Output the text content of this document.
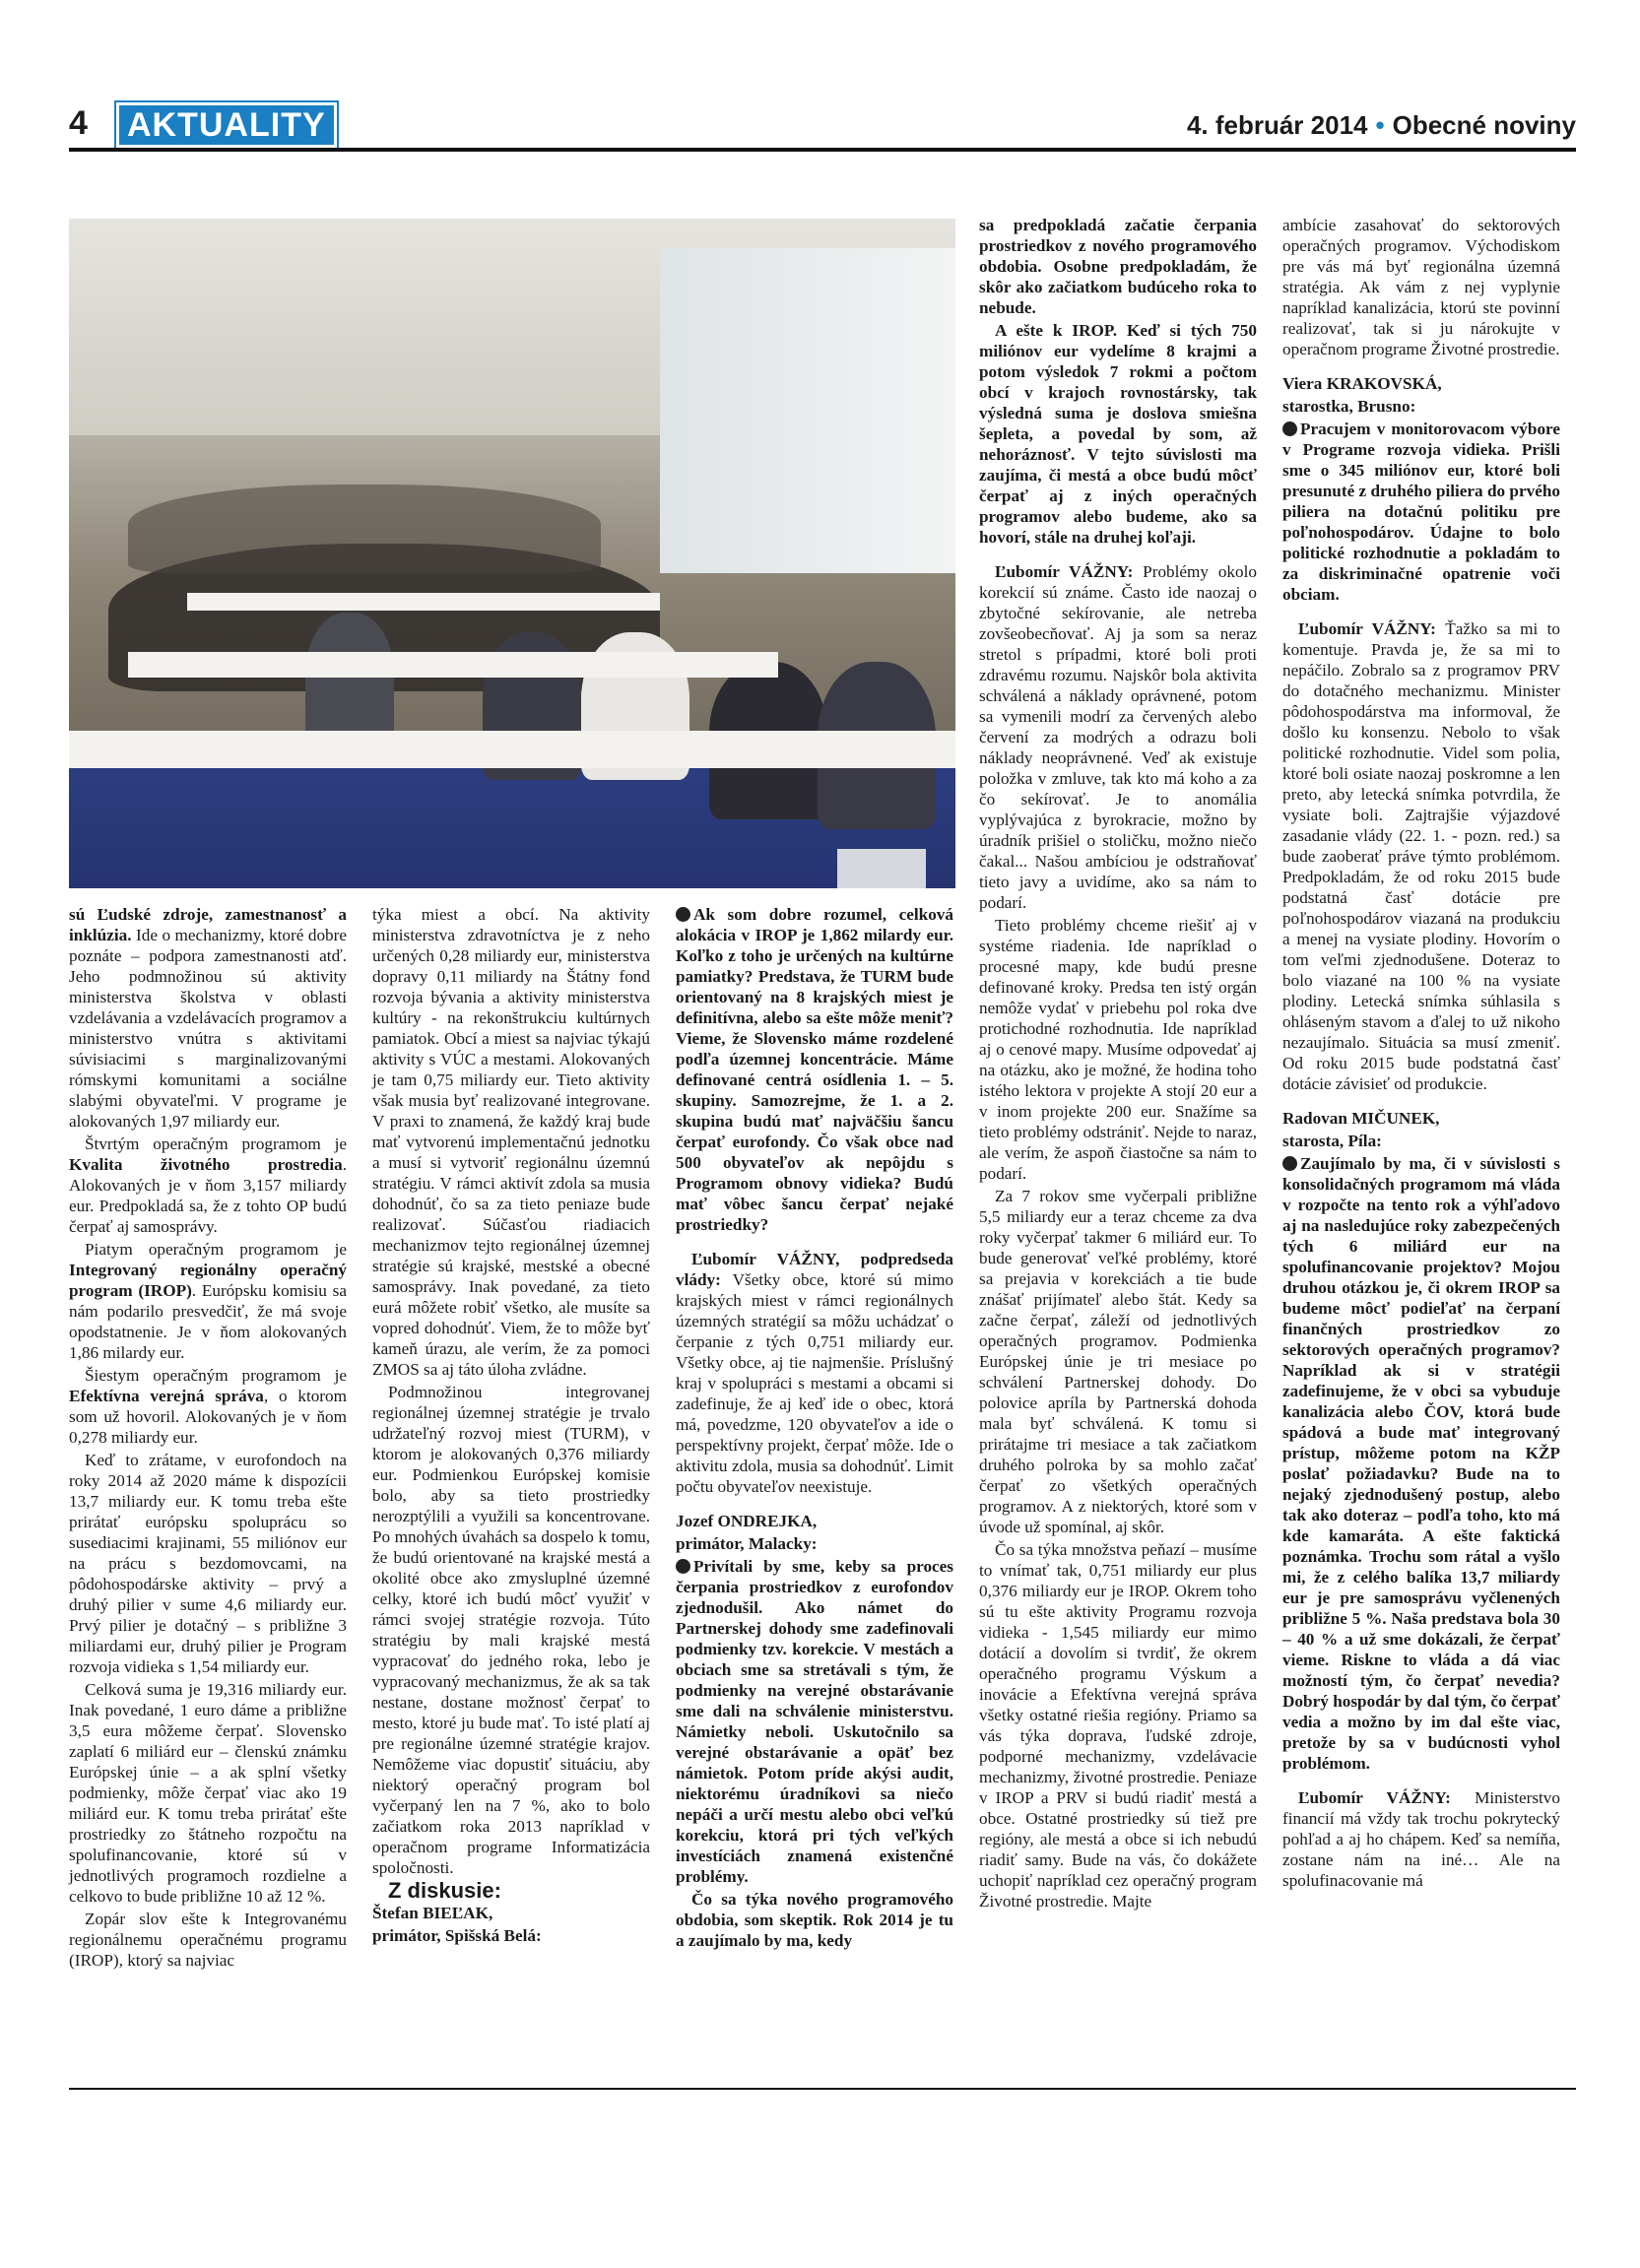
4	AKTUALITY	4. február 2014 • Obecné noviny

sú Ľudské zdroje, zamestnanosť a inklúzia. Ide o mechanizmy, ktoré dobre poznáte – podpora zamestnanosti atď. Jeho podmnožinou sú aktivity ministerstva školstva v oblasti vzdelávania a vzdelávacích programov a ministerstvo vnútra s aktivitami súvisiacimi s marginalizovanými rómskymi komunitami a sociálne slabými obyvateľmi. V programe je alokovaných 1,97 miliardy eur.

Štvrtým operačným programom je Kvalita životného prostredia. Alokovaných je v ňom 3,157 miliardy eur. Predpokladá sa, že z tohto OP budú čerpať aj samosprávy.

Piatym operačným programom je Integrovaný regionálny operačný program (IROP). Európsku komisiu sa nám podarilo presvedčiť, že má svoje opodstatnenie. Je v ňom alokovaných 1,86 milardy eur.

Šiestym operačným programom je Efektívna verejná správa, o ktorom som už hovoril. Alokovaných je v ňom 0,278 miliardy eur.

Keď to zrátame, v eurofondoch na roky 2014 až 2020 máme k dispozícii 13,7 miliardy eur. K tomu treba ešte prirátať európsku spoluprácu so susediacimi krajinami, 55 miliónov eur na prácu s bezdomovcami, na pôdohospodárske aktivity – prvý a druhý pilier v sume 4,6 miliardy eur. Prvý pilier je dotačný – s približne 3 miliardami eur, druhý pilier je Program rozvoja vidieka s 1,54 miliardy eur.

Celková suma je 19,316 miliardy eur. Inak povedané, 1 euro dáme a približne 3,5 eura môžeme čerpať. Slovensko zaplatí 6 miliárd eur – členskú známku Európskej únie – a ak splní všetky podmienky, môže čerpať viac ako 19 miliárd eur. K tomu treba prirátať ešte prostriedky zo štátneho rozpočtu na spolufinancovanie, ktoré sú v jednotlivých programoch rozdielne a celkovo to bude približne 10 až 12 %.

Zopár slov ešte k Integrovanému regionálnemu operačnému programu (IROP), ktorý sa najviac

týka miest a obcí. Na aktivity ministerstva zdravotníctva je z neho určených 0,28 miliardy eur, ministerstva dopravy 0,11 miliardy na Štátny fond rozvoja bývania a aktivity ministerstva kultúry - na rekonštrukciu kultúrnych pamiatok. Obcí a miest sa najviac týkajú aktivity s VÚC a mestami. Alokovaných je tam 0,75 miliardy eur. Tieto aktivity však musia byť realizované integrovane. V praxi to znamená, že každý kraj bude mať vytvorenú implementačnú jednotku a musí si vytvoriť regionálnu územnú stratégiu. V rámci aktivít zdola sa musia dohodnúť, čo sa za tieto peniaze bude realizovať. Súčasťou riadiacich mechanizmov tejto regionálnej územnej stratégie sú krajské, mestské a obecné samosprávy. Inak povedané, za tieto eurá môžete robiť všetko, ale musíte sa vopred dohodnúť. Viem, že to môže byť kameň úrazu, ale verím, že za pomoci ZMOS sa aj táto úloha zvládne.

Podmnožinou integrovanej regionálnej územnej stratégie je trvalo udržateľný rozvoj miest (TURM), v ktorom je alokovaných 0,376 miliardy eur. Podmienkou Európskej komisie bolo, aby sa tieto prostriedky nerozptýlili a využili sa koncentrovane. Po mnohých úvahách sa dospelo k tomu, že budú orientované na krajské mestá a okolité obce ako zmysluplné územné celky, ktoré ich budú môcť využiť v rámci svojej stratégie rozvoja. Túto stratégiu by mali krajské mestá vypracovať do jedného roka, lebo je vypracovaný mechanizmus, že ak sa tak nestane, dostane možnosť čerpať to mesto, ktoré ju bude mať. To isté platí aj pre regionálne územné stratégie krajov. Nemôžeme viac dopustiť situáciu, aby niektorý operačný program bol vyčerpaný len na 7 %, ako to bolo začiatkom roka 2013 napríklad v operačnom programe Informatizácia spoločnosti.

Z diskusie:

Štefan BIEĽAK,

primátor, Spišská Belá:

Ak som dobre rozumel, celková alokácia v IROP je 1,862 milardy eur. Koľko z toho je určených na kultúrne pamiatky? Predstava, že TURM bude orientovaný na 8 krajských miest je definitívna, alebo sa ešte môže meniť? Vieme, že Slovensko máme rozdelené podľa územnej koncentrácie. Máme definované centrá osídlenia 1. – 5. skupiny. Samozrejme, že 1. a 2. skupina budú mať najväčšiu šancu čerpať eurofondy. Čo však obce nad 500 obyvateľov ak nepôjdu s Programom obnovy vidieka? Budú mať vôbec šancu čerpať nejaké prostriedky?

Ľubomír VÁŽNY, podpredseda vlády: Všetky obce, ktoré sú mimo krajských miest v rámci regionálnych územných stratégií sa môžu uchádzať o čerpanie z tých 0,751 miliardy eur. Všetky obce, aj tie najmenšie. Príslušný kraj v spolupráci s mestami a obcami si zadefinuje, že aj keď ide o obec, ktorá má, povedzme, 120 obyvateľov a ide o perspektívny projekt, čerpať môže. Ide o aktivitu zdola, musia sa dohodnúť. Limit počtu obyvateľov neexistuje.

Jozef ONDREJKA,

primátor, Malacky:

Privítali by sme, keby sa proces čerpania prostriedkov z eurofondov zjednodušil. Ako námet do Partnerskej dohody sme zadefinovali podmienky tzv. korekcie. V mestách a obciach sme sa stretávali s tým, že podmienky na verejné obstarávanie sme dali na schválenie ministerstvu. Námietky neboli. Uskutočnilo sa verejné obstarávanie a opäť bez námietok. Potom príde akýsi audit, niektorému úradníkovi sa niečo nepáči a určí mestu alebo obci veľkú korekciu, ktorá pri tých veľkých investíciách znamená existenčné problémy.

Čo sa týka nového programového obdobia, som skeptik. Rok 2014 je tu a zaujímalo by ma, kedy

sa predpokladá začatie čerpania prostriedkov z nového programového obdobia. Osobne predpokladám, že skôr ako začiatkom budúceho roka to nebude.

A ešte k IROP. Keď si tých 750 miliónov eur vydelíme 8 krajmi a potom výsledok 7 rokmi a počtom obcí v krajoch rovnostársky, tak výsledná suma je doslova smiešna šepleta, a povedal by som, až nehoráznosť. V tejto súvislosti ma zaujíma, či mestá a obce budú môcť čerpať aj z iných operačných programov alebo budeme, ako sa hovorí, stále na druhej koľaji.

Ľubomír VÁŽNY: Problémy okolo korekcií sú známe. Často ide naozaj o zbytočné sekírovanie, ale netreba zovšeobecňovať. Aj ja som sa neraz stretol s prípadmi, ktoré boli proti zdravému rozumu. Najskôr bola aktivita schválená a náklady oprávnené, potom sa vymenili modrí za červených alebo červení za modrých a odrazu boli náklady neoprávnené. Veď ak existuje položka v zmluve, tak kto má koho a za čo sekírovať. Je to anomália vyplývajúca z byrokracie, možno by úradník prišiel o stoličku, možno niečo čakal... Našou ambíciou je odstraňovať tieto javy a uvidíme, ako sa nám to podarí.

Tieto problémy chceme riešiť aj v systéme riadenia. Ide napríklad o procesné mapy, kde budú presne definované kroky. Predsa ten istý orgán nemôže vydať v priebehu pol roka dve protichodné rozhodnutia. Ide napríklad aj o cenové mapy. Musíme odpovedať aj na otázku, ako je možné, že hodina toho istého lektora v projekte A stojí 20 eur a v inom projekte 200 eur. Snažíme sa tieto problémy odstrániť. Nejde to naraz, ale verím, že aspoň čiastočne sa nám to podarí.

Za 7 rokov sme vyčerpali približne 5,5 miliardy eur a teraz chceme za dva roky vyčerpať takmer 6 miliárd eur. To bude generovať veľké problémy, ktoré sa prejavia v korekciách a tie bude znášať prijímateľ alebo štát. Kedy sa začne čerpať, záleží od jednotlivých operačných programov. Podmienka Európskej únie je tri mesiace po schválení Partnerskej dohody. Do polovice apríla by Partnerská dohoda mala byť schválená. K tomu si prirátajme tri mesiace a tak začiatkom druhého polroka by sa mohlo začať čerpať zo všetkých operačných programov. A z niektorých, ktoré som v úvode už spomínal, aj skôr.

Čo sa týka množstva peňazí – musíme to vnímať tak, 0,751 miliardy eur plus 0,376 miliardy eur je IROP. Okrem toho sú tu ešte aktivity Programu rozvoja vidieka - 1,545 miliardy eur mimo dotácií a dovolím si tvrdiť, že okrem operačného programu Výskum a inovácie a Efektívna verejná správa všetky ostatné riešia regióny. Priamo sa vás týka doprava, ľudské zdroje, podporné mechanizmy, vzdelávacie mechanizmy, životné prostredie. Peniaze v IROP a PRV si budú riadiť mestá a obce. Ostatné prostriedky sú tiež pre regióny, ale mestá a obce si ich nebudú riadiť samy. Bude na vás, čo dokážete uchopiť napríklad cez operačný program Životné prostredie. Majte

ambície zasahovať do sektorových operačných programov. Východiskom pre vás má byť regionálna územná stratégia. Ak vám z nej vyplynie napríklad kanalizácia, ktorú ste povinní realizovať, tak si ju nárokujte v operačnom programe Životné prostredie.

Viera KRAKOVSKÁ,

starostka, Brusno:

Pracujem v monitorovacom výbore v Programe rozvoja vidieka. Prišli sme o 345 miliónov eur, ktoré boli presunuté z druhého piliera do prvého piliera na dotačnú politiku pre poľnohospodárov. Údajne to bolo politické rozhodnutie a pokladám to za diskriminačné opatrenie voči obciam.

Ľubomír VÁŽNY: Ťažko sa mi to komentuje. Pravda je, že sa mi to nepáčilo. Zobralo sa z programov PRV do dotačného mechanizmu. Minister pôdohospodárstva ma informoval, že došlo ku konsenzu. Nebolo to však politické rozhodnutie. Videl som polia, ktoré boli osiate naozaj poskromne a len preto, aby letecká snímka potvrdila, že vysiate boli. Zajtrajšie výjazdové zasadanie vlády (22. 1. - pozn. red.) sa bude zaoberať práve týmto problémom. Predpokladám, že od roku 2015 bude podstatná časť dotácie pre poľnohospodárov viazaná na produkciu a menej na vysiate plodiny. Hovorím o tom veľmi zjednodušene. Doteraz to bolo viazané na 100 % na vysiate plodiny. Letecká snímka súhlasila s ohláseným stavom a ďalej to už nikoho nezaujímalo. Situácia sa musí zmeniť. Od roku 2015 bude podstatná časť dotácie závisieť od produkcie.

Radovan MIČUNEK,

starosta, Píla:

Zaujímalo by ma, či v súvislosti s konsolidačných programom má vláda v rozpočte na tento rok a výhľadovo aj na nasledujúce roky zabezpečených tých 6 miliárd eur na spolufinancovanie projektov? Mojou druhou otázkou je, či okrem IROP sa budeme môcť podieľať na čerpaní finančných prostriedkov zo sektorových operačných programov? Napríklad ak si v stratégii zadefinujeme, že v obci sa vybuduje kanalizácia alebo ČOV, ktorá bude spádová a bude mať integrovaný prístup, môžeme potom na KŽP poslať požiadavku? Bude na to nejaký zjednodušený postup, alebo tak ako doteraz – podľa toho, kto má kde kamaráta. A ešte faktická poznámka. Trochu som rátal a vyšlo mi, že z celého balíka 13,7 miliardy eur je pre samosprávu vyčlenených približne 5 %. Naša predstava bola 30 – 40 % a už sme dokázali, že čerpať vieme. Riskne to vláda a dá viac možností tým, čo čerpať nevedia? Dobrý hospodár by dal tým, čo čerpať vedia a možno by im dal ešte viac, pretože by sa v budúcnosti vyhol problémom.

Ľubomír VÁŽNY: Ministerstvo financií má vždy tak trochu pokrytecký pohľad a aj ho chápem. Keď sa nemíňa, zostane nám na iné… Ale na spolufinacovanie má
